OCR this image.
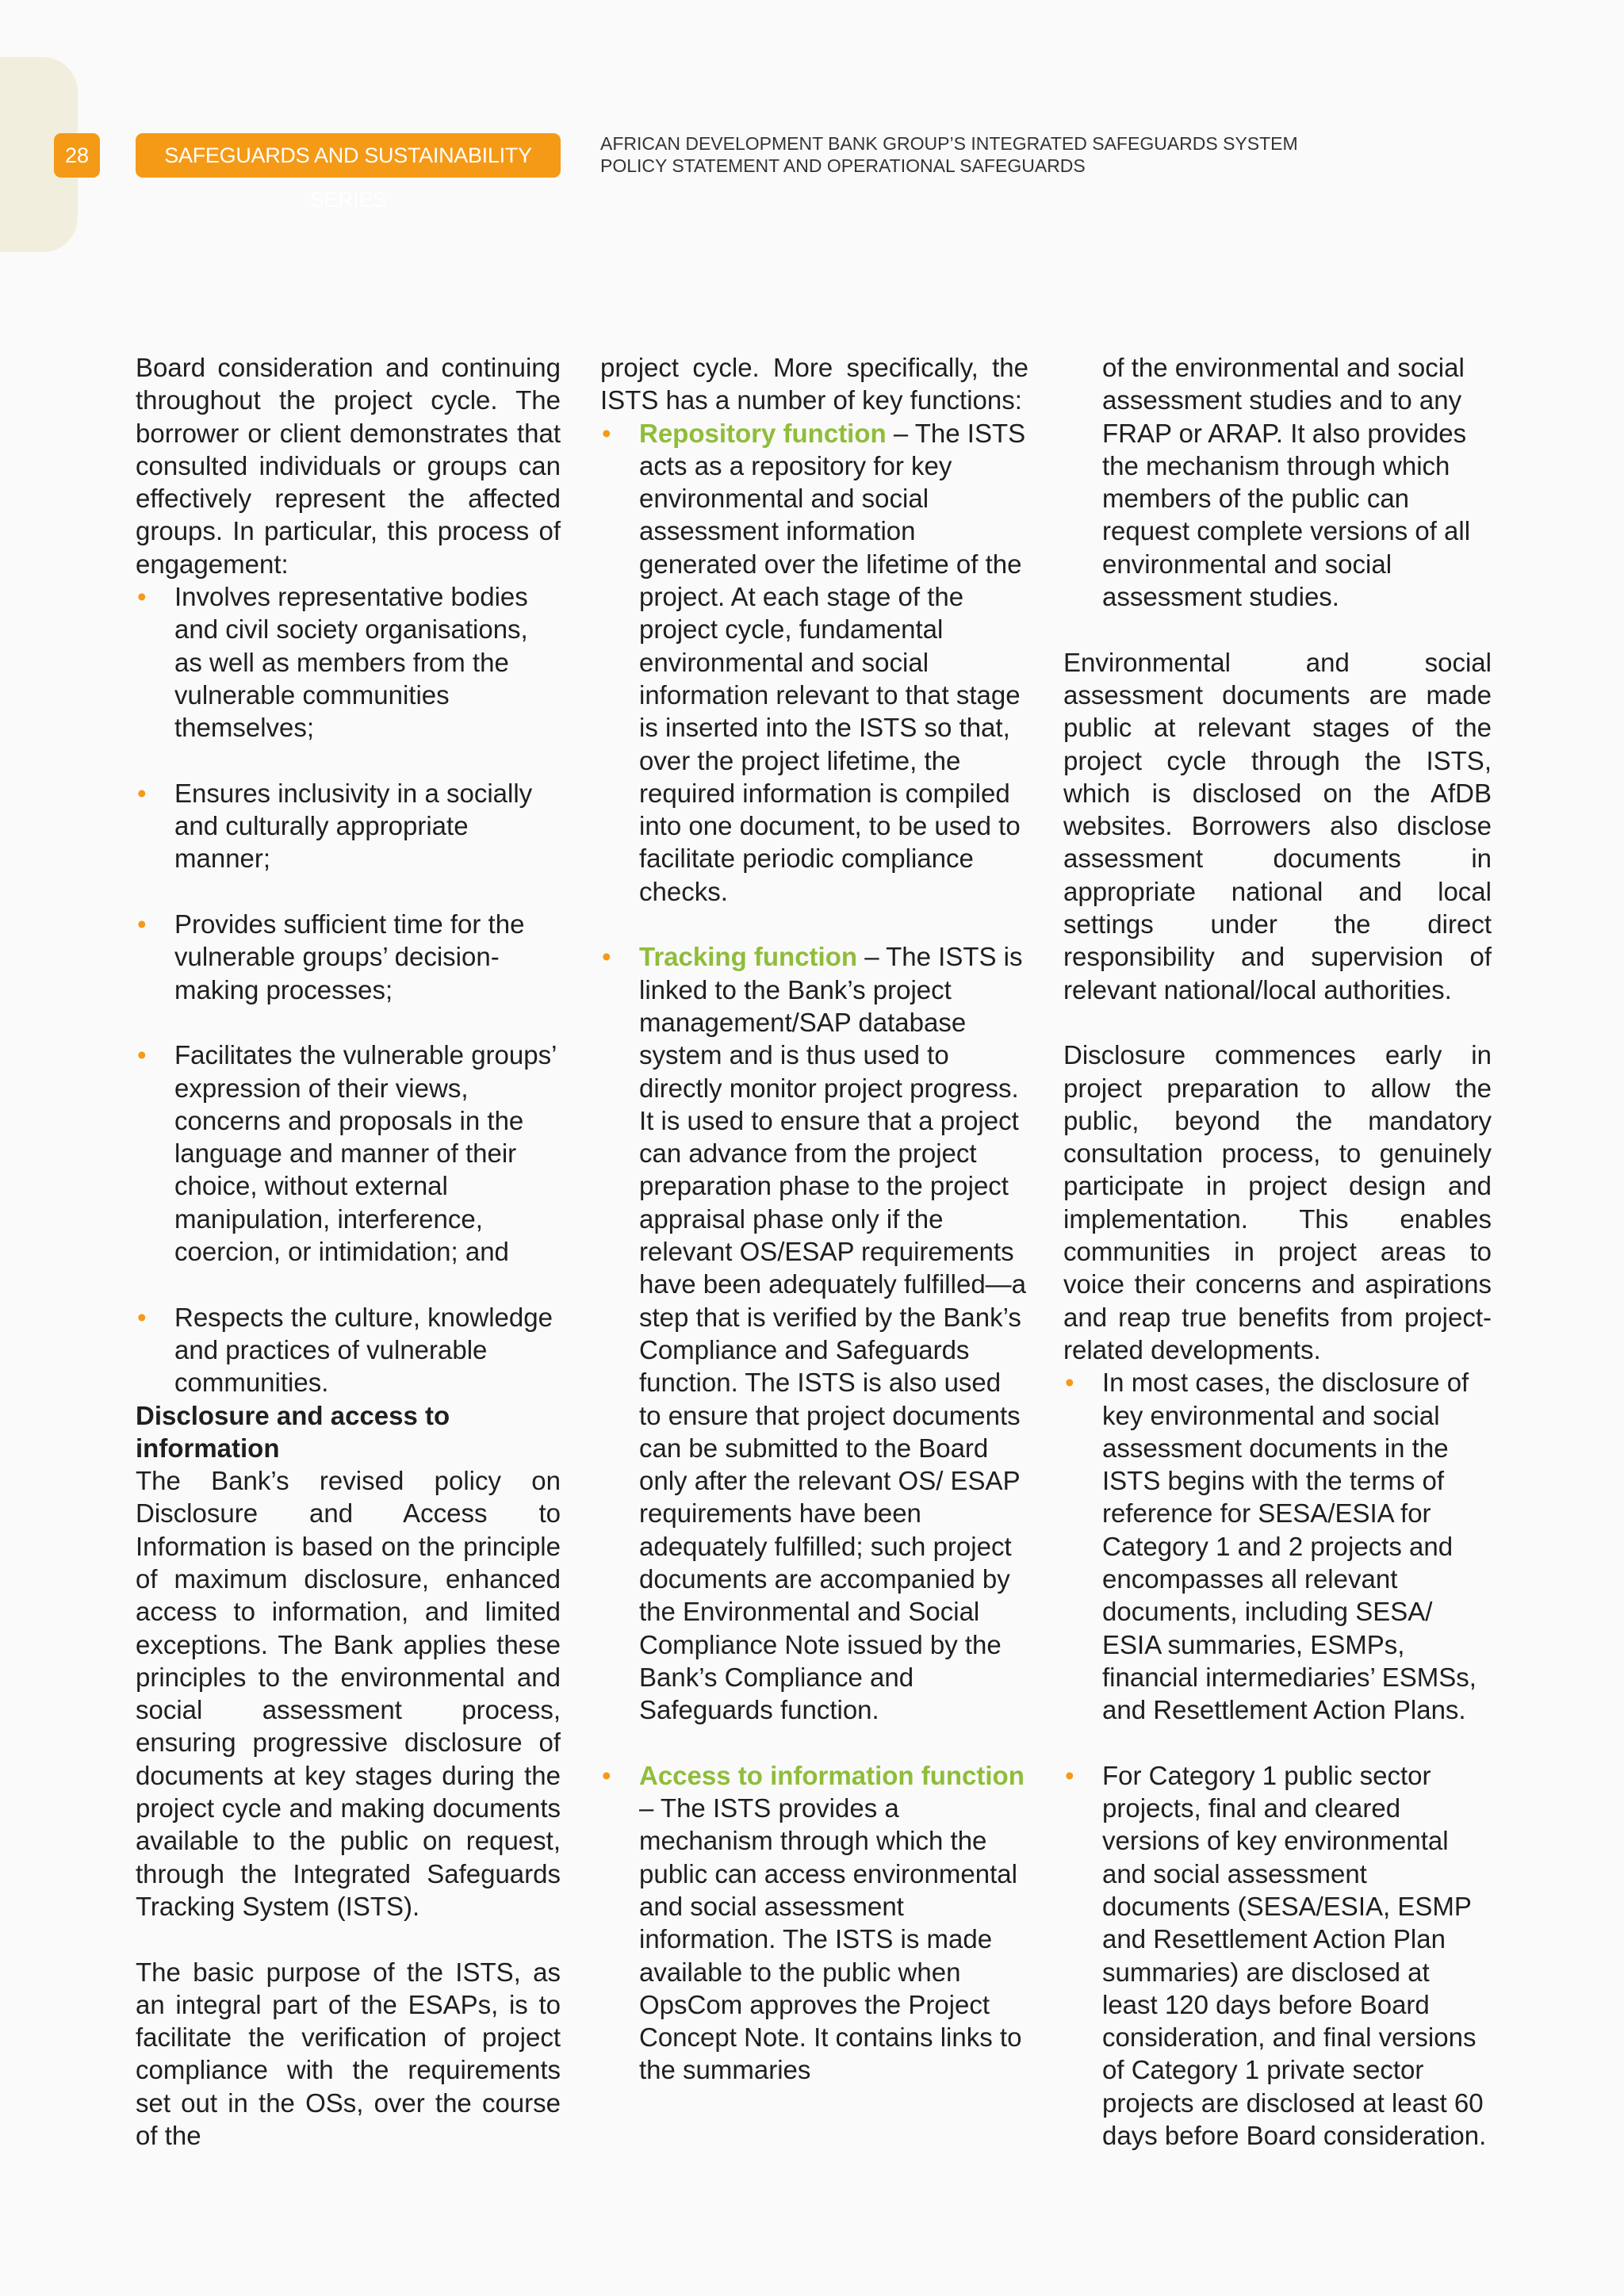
28	SAFEGUARDS AND SUSTAINABILITY SERIES
AFRICAN DEVELOPMENT BANK GROUP’S INTEGRATED SAFEGUARDS SYSTEM
POLICY STATEMENT AND OPERATIONAL SAFEGUARDS

Board consideration and continuing throughout the project cycle. The borrower or client demonstrates that consulted individuals or groups can effectively represent the affected groups. In particular, this process of engagement:

• Involves representative bodies and civil society organisations, as well as members from the vulnerable communities themselves;
• Ensures inclusivity in a socially and culturally appropriate manner;
• Provides sufficient time for the vulnerable groups’ decision-making processes;
• Facilitates the vulnerable groups’ expression of their views, concerns and proposals in the language and manner of their choice, without external manipulation, interference, coercion, or intimidation; and
• Respects the culture, knowledge and practices of vulnerable communities.

Disclosure and access to information

The Bank’s revised policy on Disclosure and Access to Information is based on the principle of maximum disclosure, enhanced access to information, and limited exceptions. The Bank applies these principles to the environmental and social assessment process, ensuring progressive disclosure of documents at key stages during the project cycle and making documents available to the public on request, through the Integrated Safeguards Tracking System (ISTS).

The basic purpose of the ISTS, as an integral part of the ESAPs, is to facilitate the verification of project compliance with the requirements set out in the OSs, over the course of the

project cycle. More specifically, the ISTS has a number of key functions:

• Repository function – The ISTS acts as a repository for key environmental and social assessment information generated over the lifetime of the project. At each stage of the project cycle, fundamental environmental and social information relevant to that stage is inserted into the ISTS so that, over the project lifetime, the required information is compiled into one document, to be used to facilitate periodic compliance checks.
• Tracking function – The ISTS is linked to the Bank’s project management/SAP database system and is thus used to directly monitor project progress. It is used to ensure that a project can advance from the project preparation phase to the project appraisal phase only if the relevant OS/ESAP requirements have been adequately fulfilled—a step that is verified by the Bank’s Compliance and Safeguards function. The ISTS is also used to ensure that project documents can be submitted to the Board only after the relevant OS/ ESAP requirements have been adequately fulfilled; such project documents are accompanied by the Environmental and Social Compliance Note issued by the Bank’s Compliance and Safeguards function.
• Access to information function – The ISTS provides a mechanism through which the public can access environmental and social assessment information. The ISTS is made available to the public when OpsCom approves the Project Concept Note. It contains links to the summaries

of the environmental and social assessment studies and to any FRAP or ARAP. It also provides the mechanism through which members of the public can request complete versions of all environmental and social assessment studies.

Environmental and social assessment documents are made public at relevant stages of the project cycle through the ISTS, which is disclosed on the AfDB websites. Borrowers also disclose assessment documents in appropriate national and local settings under the direct responsibility and supervision of relevant national/local authorities.

Disclosure commences early in project preparation to allow the public, beyond the mandatory consultation process, to genuinely participate in project design and implementation. This enables communities in project areas to voice their concerns and aspirations and reap true benefits from project-related developments.

• In most cases, the disclosure of key environmental and social assessment documents in the ISTS begins with the terms of reference for SESA/ESIA for Category 1 and 2 projects and encompasses all relevant documents, including SESA/ ESIA summaries, ESMPs, financial intermediaries’ ESMSs, and Resettlement Action Plans.
• For Category 1 public sector projects, final and cleared versions of key environmental and social assessment documents (SESA/ESIA, ESMP and Resettlement Action Plan summaries) are disclosed at least 120 days before Board consideration, and final versions of Category 1 private sector projects are disclosed at least 60 days before Board consideration.
